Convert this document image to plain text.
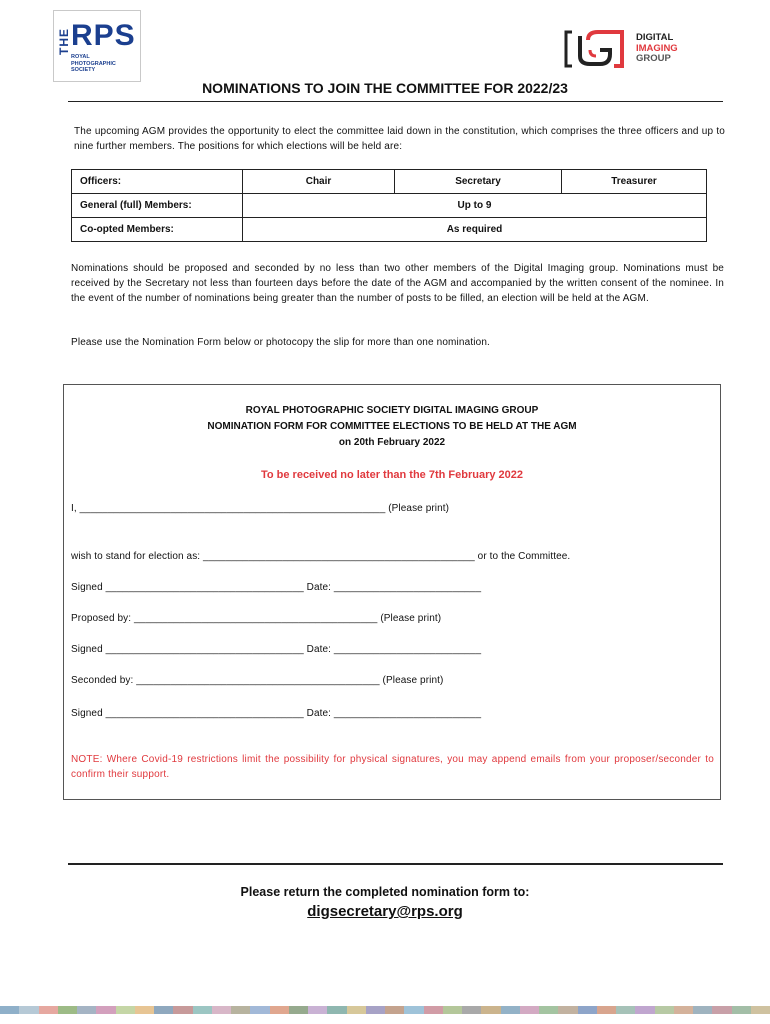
THE RPS
ROYAL
PHOTOGRAPHIC
SOCIETY
DIGITAL
IMAGING
GROUP
NOMINATIONS TO JOIN THE COMMITTEE FOR 2022/23
The upcoming AGM provides the opportunity to elect the committee laid down in the constitution, which comprises the three officers and up to nine further members. The positions for which elections will be held are:
Officers:	Chair	Secretary	Treasurer
General (full) Members:	Up to 9		
Co-opted Members:	As required		
Nominations should be proposed and seconded by no less than two other members of the Digital Imaging group. Nominations must be received by the Secretary not less than fourteen days before the date of the AGM and accompanied by the written consent of the nominee. In the event of the number of nominations being greater than the number of posts to be filled, an election will be held at the AGM.
Please use the Nomination Form below or photocopy the slip for more than one nomination.
ROYAL PHOTOGRAPHIC SOCIETY DIGITAL IMAGING GROUP
NOMINATION FORM FOR COMMITTEE ELECTIONS TO BE HELD AT THE AGM
on 20th February 2022
To be received no later than the 7th February 2022
I, ______________________________________________________ (Please print)
wish to stand for election as: ________________________________________________ or to the Committee.
Signed ___________________________________ Date: __________________________
Proposed by: ___________________________________________ (Please print)
Signed ___________________________________ Date: __________________________
Seconded by: ___________________________________________ (Please print)
Signed ___________________________________ Date: __________________________
NOTE: Where Covid-19 restrictions limit the possibility for physical signatures, you may append emails from your proposer/seconder to confirm their support.
Please return the completed nomination form to:
digsecretary@rps.org
